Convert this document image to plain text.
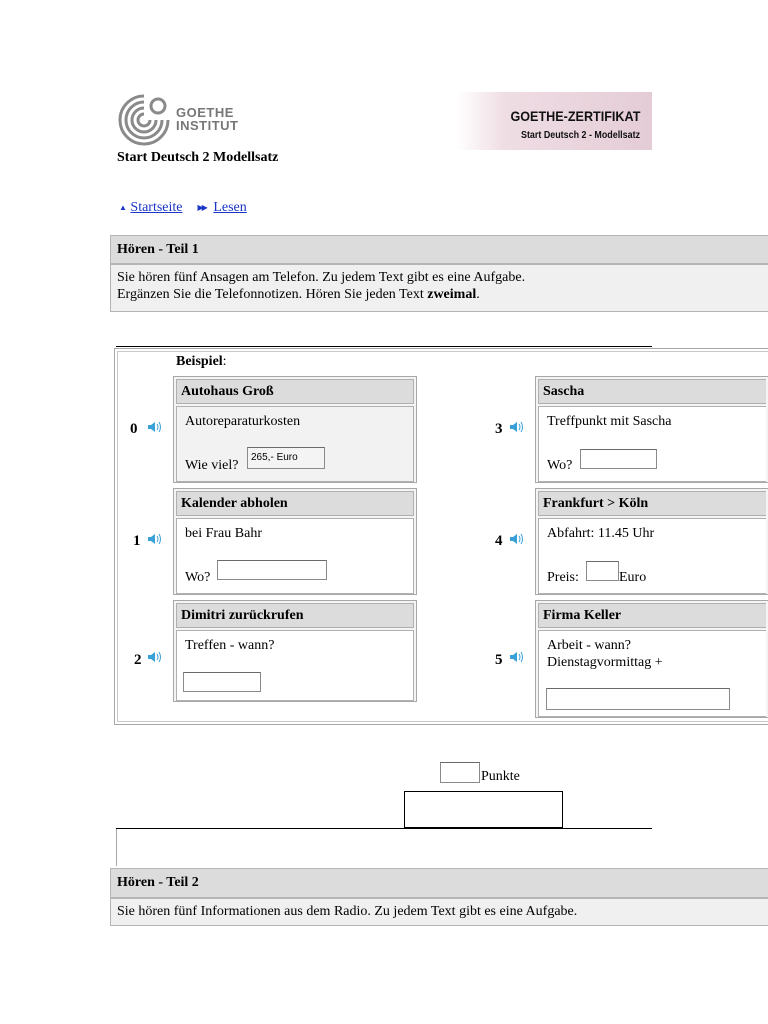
GOETHE
INSTITUT
GOETHE-ZERTIFIKAT
Start Deutsch 2 - Modellsatz
Start Deutsch 2 Modellsatz
▲ Startseite ▶▶ Lesen
Hören - Teil 1
Sie hören fünf Ansagen am Telefon. Zu jedem Text gibt es eine Aufgabe.
Ergänzen Sie die Telefonnotizen. Hören Sie jeden Text zweimal.
Beispiel:
0
Autohaus Groß
Autoreparaturkosten
Wie viel?
265,- Euro
1
Kalender abholen
bei Frau Bahr
Wo?
2
Dimitri zurückrufen
Treffen - wann?
3
Sascha
Treffpunkt mit Sascha
Wo?
4
Frankfurt > Köln
Abfahrt: 11.45 Uhr
Preis:	Euro
5
Firma Keller
Arbeit - wann?
Dienstagvormittag +
Punkte
Hören - Teil 2
Sie hören fünf Informationen aus dem Radio. Zu jedem Text gibt es eine Aufgabe.
